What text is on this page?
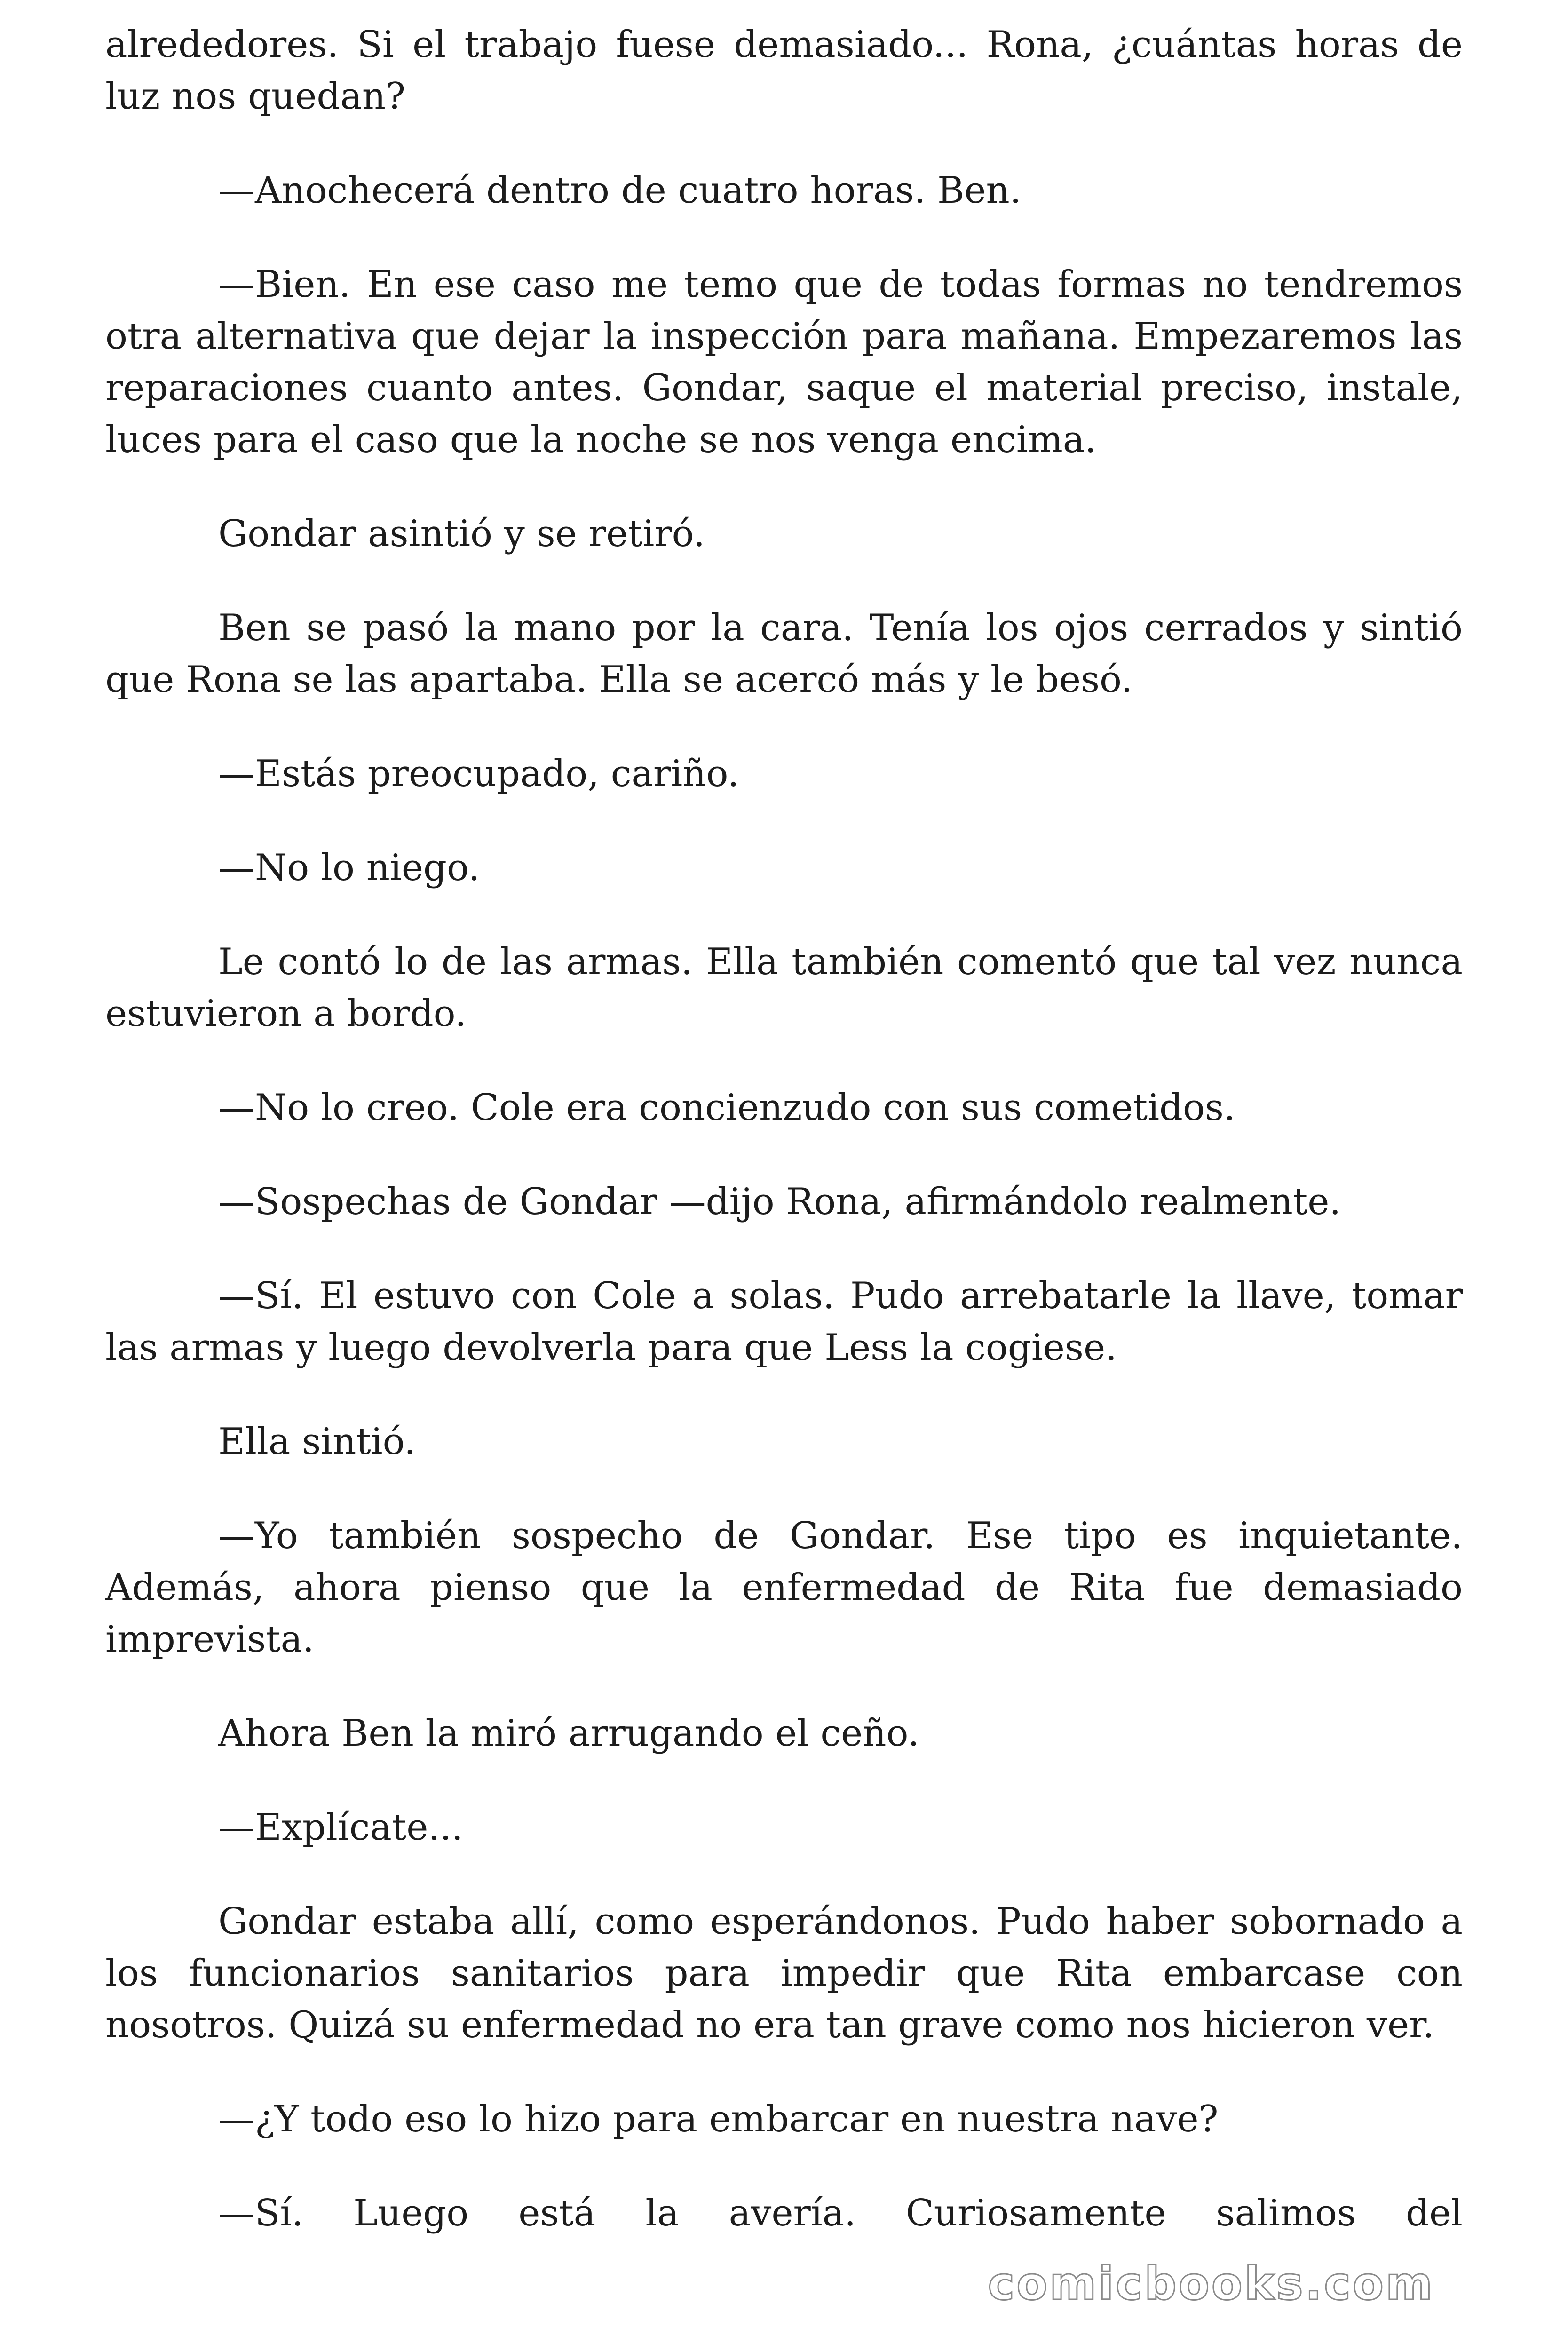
alrededores. Si el trabajo fuese demasiado... Rona, ¿cuántas horas de luz nos quedan?

—Anochecerá dentro de cuatro horas. Ben.

—Bien. En ese caso me temo que de todas formas no tendremos otra alternativa que dejar la inspección para mañana. Empezaremos las reparaciones cuanto antes. Gondar, saque el material preciso, instale, luces para el caso que la noche se nos venga encima.

Gondar asintió y se retiró.

Ben se pasó la mano por la cara. Tenía los ojos cerrados y sintió que Rona se las apartaba. Ella se acercó más y le besó.

—Estás preocupado, cariño.

—No lo niego.

Le contó lo de las armas. Ella también comentó que tal vez nunca estuvieron a bordo.

—No lo creo. Cole era concienzudo con sus cometidos.

—Sospechas de Gondar —dijo Rona, afirmándolo realmente.

—Sí. El estuvo con Cole a solas. Pudo arrebatarle la llave, tomar las armas y luego devolverla para que Less la cogiese.

Ella sintió.

—Yo también sospecho de Gondar. Ese tipo es inquietante. Además, ahora pienso que la enfermedad de Rita fue demasiado imprevista.

Ahora Ben la miró arrugando el ceño.

—Explícate...

Gondar estaba allí, como esperándonos. Pudo haber sobornado a los funcionarios sanitarios para impedir que Rita embarcase con nosotros. Quizá su enfermedad no era tan grave como nos hicieron ver.

—¿Y todo eso lo hizo para embarcar en nuestra nave?

—Sí. Luego está la avería. Curiosamente salimos del

comicbooks.com
